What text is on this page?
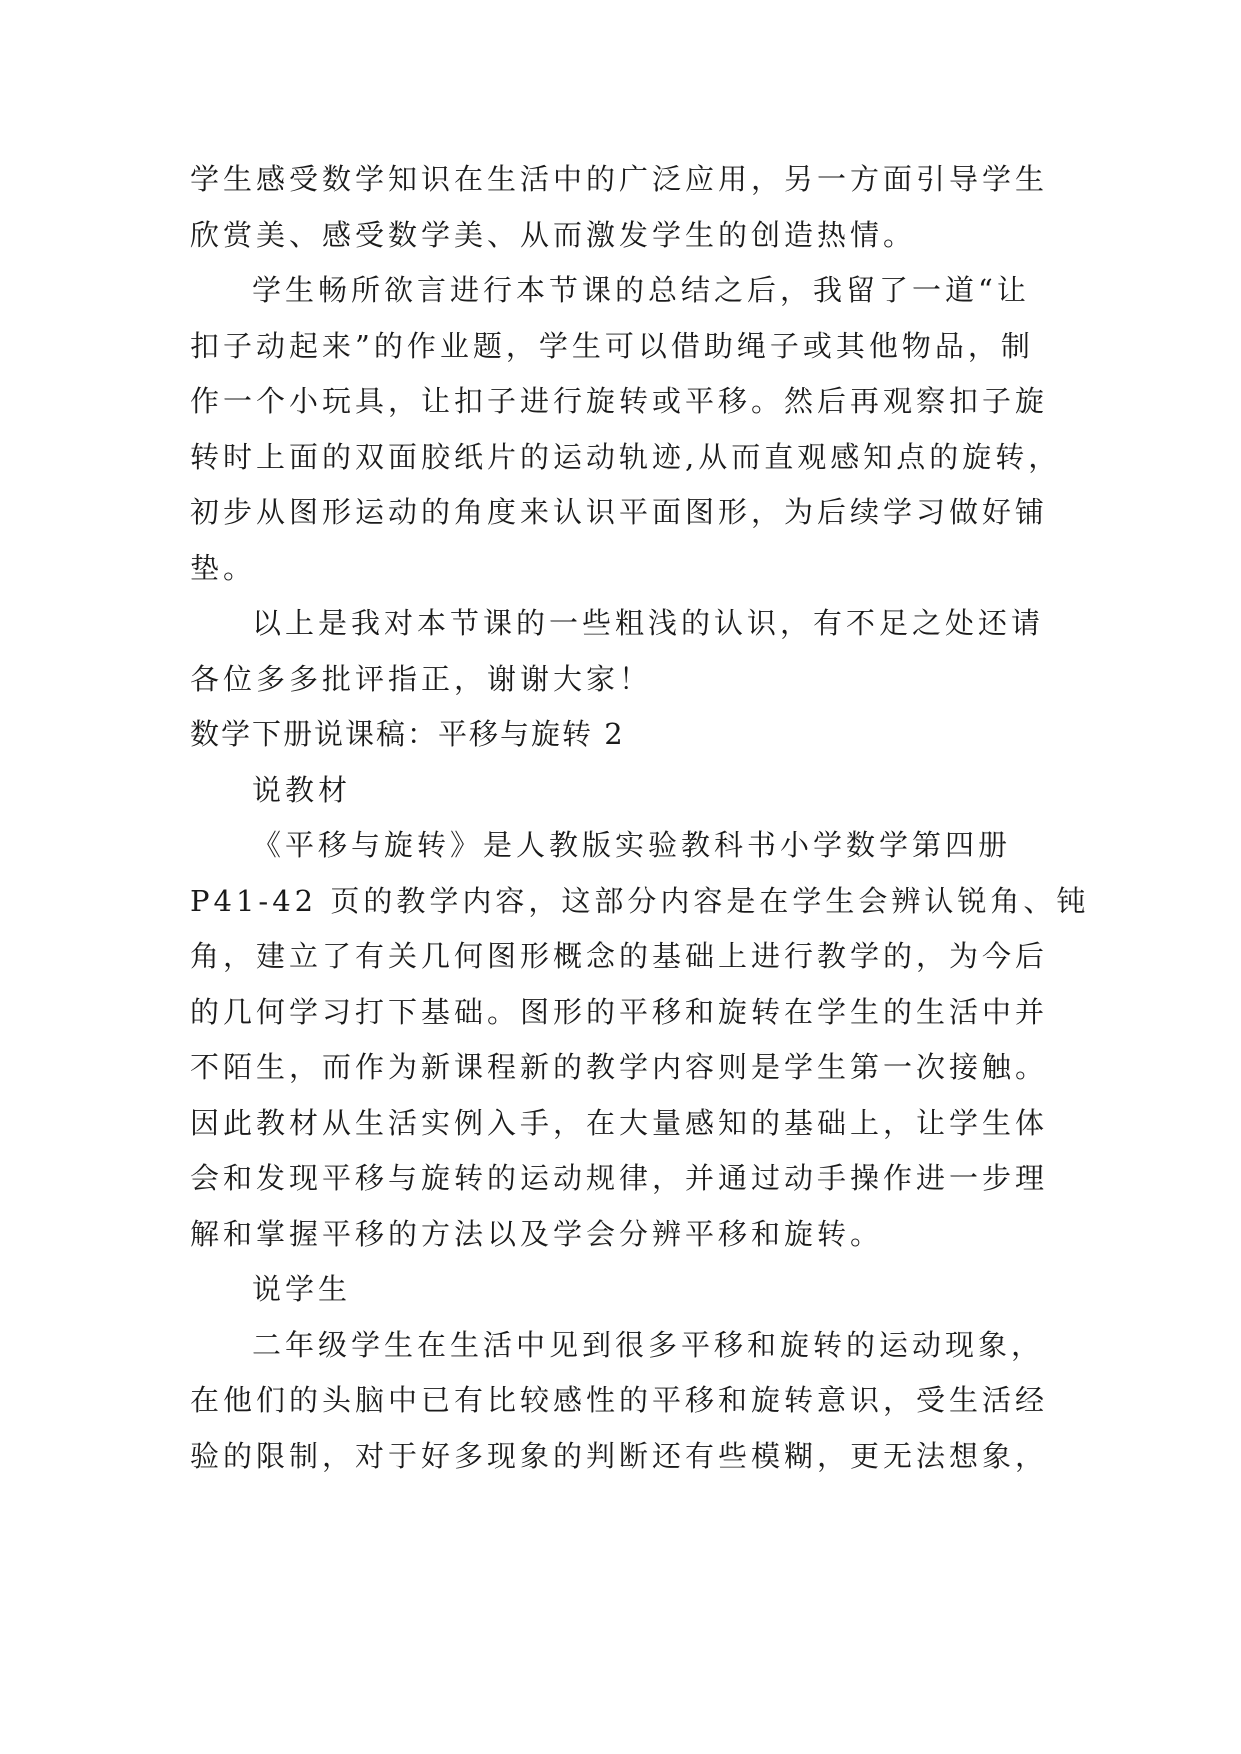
学生感受数学知识在生活中的广泛应用，另一方面引导学生
欣赏美、感受数学美、从而激发学生的创造热情。
学生畅所欲言进行本节课的总结之后，我留了一道“让
扣子动起来”的作业题，学生可以借助绳子或其他物品，制
作一个小玩具，让扣子进行旋转或平移。然后再观察扣子旋
转时上面的双面胶纸片的运动轨迹,从而直观感知点的旋转，
初步从图形运动的角度来认识平面图形，为后续学习做好铺
垫。
以上是我对本节课的一些粗浅的认识，有不足之处还请
各位多多批评指正，谢谢大家！
数学下册说课稿：平移与旋转 2
说教材
《平移与旋转》是人教版实验教科书小学数学第四册
P41-42 页的教学内容，这部分内容是在学生会辨认锐角、钝
角，建立了有关几何图形概念的基础上进行教学的，为今后
的几何学习打下基础。图形的平移和旋转在学生的生活中并
不陌生，而作为新课程新的教学内容则是学生第一次接触。
因此教材从生活实例入手，在大量感知的基础上，让学生体
会和发现平移与旋转的运动规律，并通过动手操作进一步理
解和掌握平移的方法以及学会分辨平移和旋转。
说学生
二年级学生在生活中见到很多平移和旋转的运动现象，
在他们的头脑中已有比较感性的平移和旋转意识，受生活经
验的限制，对于好多现象的判断还有些模糊，更无法想象，
